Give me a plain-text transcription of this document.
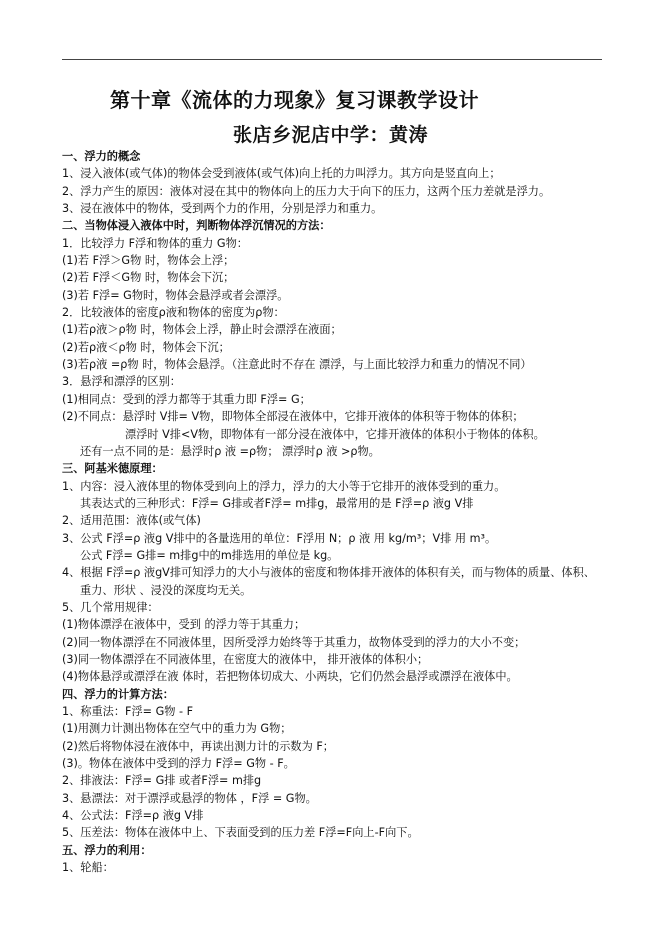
第十章《流体的力现象》复习课教学设计
张店乡泥店中学：黄涛
一、浮力的概念
1、浸入液体(或气体)的物体会受到液体(或气体)向上托的力叫浮力。其方向是竖直向上；
2、浮力产生的原因：液体对浸在其中的物体向上的压力大于向下的压力，这两个压力差就是浮力。
3、浸在液体中的物体，受到两个力的作用，分别是浮力和重力。
二、当物体浸入液体中时，判断物体浮沉情况的方法：
1．比较浮力 F浮和物体的重力 G物：
(1)若 F浮＞G物 时，物体会上浮；
(2)若 F浮＜G物 时，物体会下沉；
(3)若 F浮= G物时，物体会悬浮或者会漂浮。
2．比较液体的密度ρ液和物体的密度为ρ物：
(1)若ρ液＞ρ物 时，物体会上浮，静止时会漂浮在液面；
(2)若ρ液＜ρ物 时，物体会下沉；
(3)若ρ液 =ρ物 时，物体会悬浮。（注意此时不存在 漂浮，与上面比较浮力和重力的情况不同）
3．悬浮和漂浮的区别：
(1)相同点：受到的浮力都等于其重力即 F浮= G；
(2)不同点：悬浮时 V排= V物，即物体全部浸在液体中，它排开液体的体积等于物体的体积；
漂浮时 V排<V物，即物体有一部分浸在液体中，它排开液体的体积小于物体的体积。
还有一点不同的是：悬浮时ρ 液 =ρ物； 漂浮时ρ 液 >ρ物。
三、阿基米德原理：
1、内容：浸入液体里的物体受到向上的浮力，浮力的大小等于它排开的液体受到的重力。
其表达式的三种形式：F浮= G排或者F浮= m排g，最常用的是 F浮=ρ 液g V排
2、适用范围：液体(或气体)
3、公式 F浮=ρ 液g V排中的各量选用的单位：F浮用 N；ρ 液 用 kg/m³；V排 用 m³。
公式 F浮= G排= m排g中的m排选用的单位是 kg。
4、根据 F浮=ρ 液gV排可知浮力的大小与液体的密度和物体排开液体的体积有关，而与物体的质量、体积、
重力、形状 、浸没的深度均无关。
5、几个常用规律：
(1)物体漂浮在液体中，受到 的浮力等于其重力；
(2)同一物体漂浮在不同液体里，因所受浮力始终等于其重力，故物体受到的浮力的大小不变；
(3)同一物体漂浮在不同液体里，在密度大的液体中， 排开液体的体积小；
(4)物体悬浮或漂浮在液 体时，若把物体切成大、小两块，它们仍然会悬浮或漂浮在液体中。
四、浮力的计算方法：
1、称重法：F浮= G物 - F
(1)用测力计测出物体在空气中的重力为 G物；
(2)然后将物体浸在液体中，再读出测力计的示数为 F；
(3)。物体在液体中受到的浮力 F浮= G物 - F。
2、排液法：F浮= G排 或者F浮= m排g
3、悬漂法：对于漂浮或悬浮的物体 ，F浮 = G物。
4、公式法：F浮=ρ 液g V排
5、压差法：物体在液体中上、下表面受到的压力差 F浮=F向上-F向下。
五、浮力的利用：
1、轮船：
